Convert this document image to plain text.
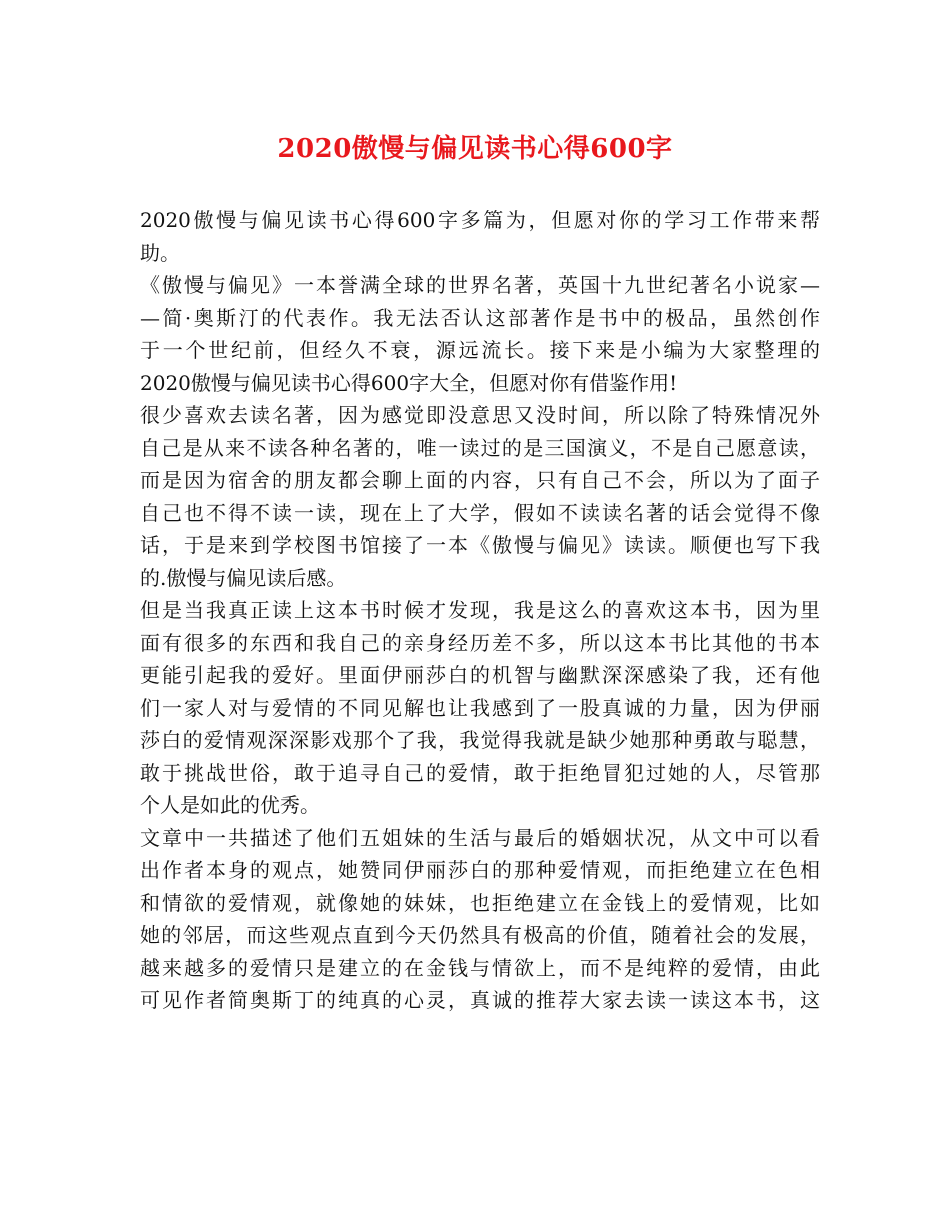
2020傲慢与偏见读书心得600字
2020傲慢与偏见读书心得600字多篇为，但愿对你的学习工作带来帮
助。
《傲慢与偏见》一本誉满全球的世界名著，英国十九世纪著名小说家—
—简·奥斯汀的代表作。我无法否认这部著作是书中的极品，虽然创作
于一个世纪前，但经久不衰，源远流长。接下来是小编为大家整理的
2020傲慢与偏见读书心得600字大全，但愿对你有借鉴作用!
很少喜欢去读名著，因为感觉即没意思又没时间，所以除了特殊情况外
自己是从来不读各种名著的，唯一读过的是三国演义，不是自己愿意读，
而是因为宿舍的朋友都会聊上面的内容，只有自己不会，所以为了面子
自己也不得不读一读，现在上了大学，假如不读读名著的话会觉得不像
话，于是来到学校图书馆接了一本《傲慢与偏见》读读。顺便也写下我
的.傲慢与偏见读后感。
但是当我真正读上这本书时候才发现，我是这么的喜欢这本书，因为里
面有很多的东西和我自己的亲身经历差不多，所以这本书比其他的书本
更能引起我的爱好。里面伊丽莎白的机智与幽默深深感染了我，还有他
们一家人对与爱情的不同见解也让我感到了一股真诚的力量，因为伊丽
莎白的爱情观深深影戏那个了我，我觉得我就是缺少她那种勇敢与聪慧，
敢于挑战世俗，敢于追寻自己的爱情，敢于拒绝冒犯过她的人，尽管那
个人是如此的优秀。
文章中一共描述了他们五姐妹的生活与最后的婚姻状况，从文中可以看
出作者本身的观点，她赞同伊丽莎白的那种爱情观，而拒绝建立在色相
和情欲的爱情观，就像她的妹妹，也拒绝建立在金钱上的爱情观，比如
她的邻居，而这些观点直到今天仍然具有极高的价值，随着社会的发展，
越来越多的爱情只是建立的在金钱与情欲上，而不是纯粹的爱情，由此
可见作者简奥斯丁的纯真的心灵，真诚的推荐大家去读一读这本书，这
